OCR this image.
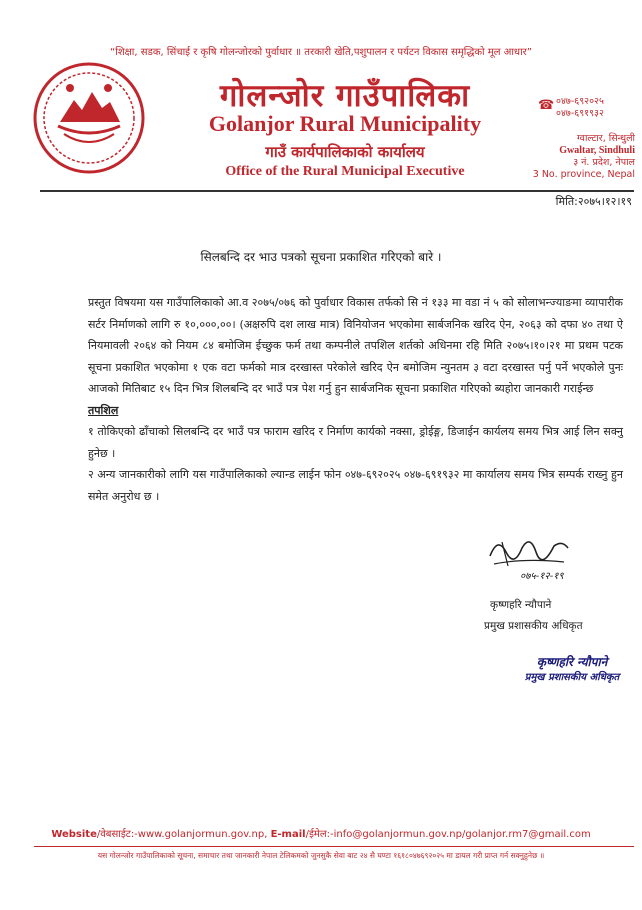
“शिक्षा, सडक, सिंचाई र कृषि गोलन्जोरको पुर्वाधार ॥ तरकारी खेति,पशुपालन र पर्यटन विकास समृद्धिको मूल आधार”
गोलन्जोर गाउँपालिका
Golanjor Rural Municipality
गाउँ कार्यपालिकाको कार्यालय
Office of the Rural Municipal Executive
☎ ०४७-६९२०२५
०४७-६९१९३२
ग्वाल्टार, सिन्धुली
Gwaltar, Sindhuli
३ नं. प्रदेश, नेपाल
3 No. province, Nepal
मिति:२०७५।१२।१९
सिलबन्दि दर भाउ पत्रको सूचना प्रकाशित गरिएको बारे ।

प्रस्तुत विषयमा यस गाउँपालिकाको आ.व २०७५/०७६ को पुर्वाधार विकास तर्फको सि नं १३३ मा वडा नं ५ को सोलाभन्ज्याङमा व्यापारीक सर्टर निर्माणको लागि रु १०,०००,००। (अक्षरुपि दश लाख मात्र) विनियोजन भएकोमा सार्बजनिक खरिद ऐन, २०६३ को दफा ४० तथा ऐ नियमावली २०६४ को नियम ८४ बमोजिम ईच्छुक फर्म तथा कम्पनीले तपशिल शर्तको अधिनमा रहि मिति २०७५।१०।२१ मा प्रथम पटक सूचना प्रकाशित भएकोमा १ एक वटा फर्मको मात्र दरखास्त परेकोले खरिद ऐन बमोजिम न्युनतम ३ वटा दरखास्त पर्नु पर्ने भएकोले पुनः आजको मितिबाट १५ दिन भित्र शिलबन्दि दर भाउँ पत्र पेश गर्नु हुन सार्बजनिक सूचना प्रकाशित गरिएको ब्यहोरा जानकारी गराईन्छ

तपशिल

१ तोकिएको ढाँचाको सिलबन्दि दर भाउँ पत्र फाराम खरिद र निर्माण कार्यको नक्सा, ड्रोईङ्ग, डिजाईन कार्यलय समय भित्र आई लिन सक्नु हुनेछ ।

२ अन्य जानकारीको लागि यस गाउँपालिकाको ल्यान्ड लाईन फोन ०४७-६९२०२५ ०४७-६९१९३२ मा कार्यालय समय भित्र सम्पर्क राख्नु हुन समेत अनुरोध छ ।

०७५-१२-१९
कृष्णहरि न्यौपाने
प्रमुख प्रशासकीय अधिकृत
कृष्णहरि न्यौपाने
प्रमुख प्रशासकीय अधिकृत
Website/वेबसाईट:-www.golanjormun.gov.np, E-mail/ईमेल:-info@golanjormun.gov.np/golanjor.rm7@gmail.com
यस गोलन्जोर गाउँपालिकाको सूचना, समाचार तथा जानकारी नेपाल टेलिकमको जुनसुकै सेवा बाट २४ सै घण्टा १६१८०४७६९२०२५ मा डायल गरी प्राप्त गर्न सक्नुहुनेछ ॥
